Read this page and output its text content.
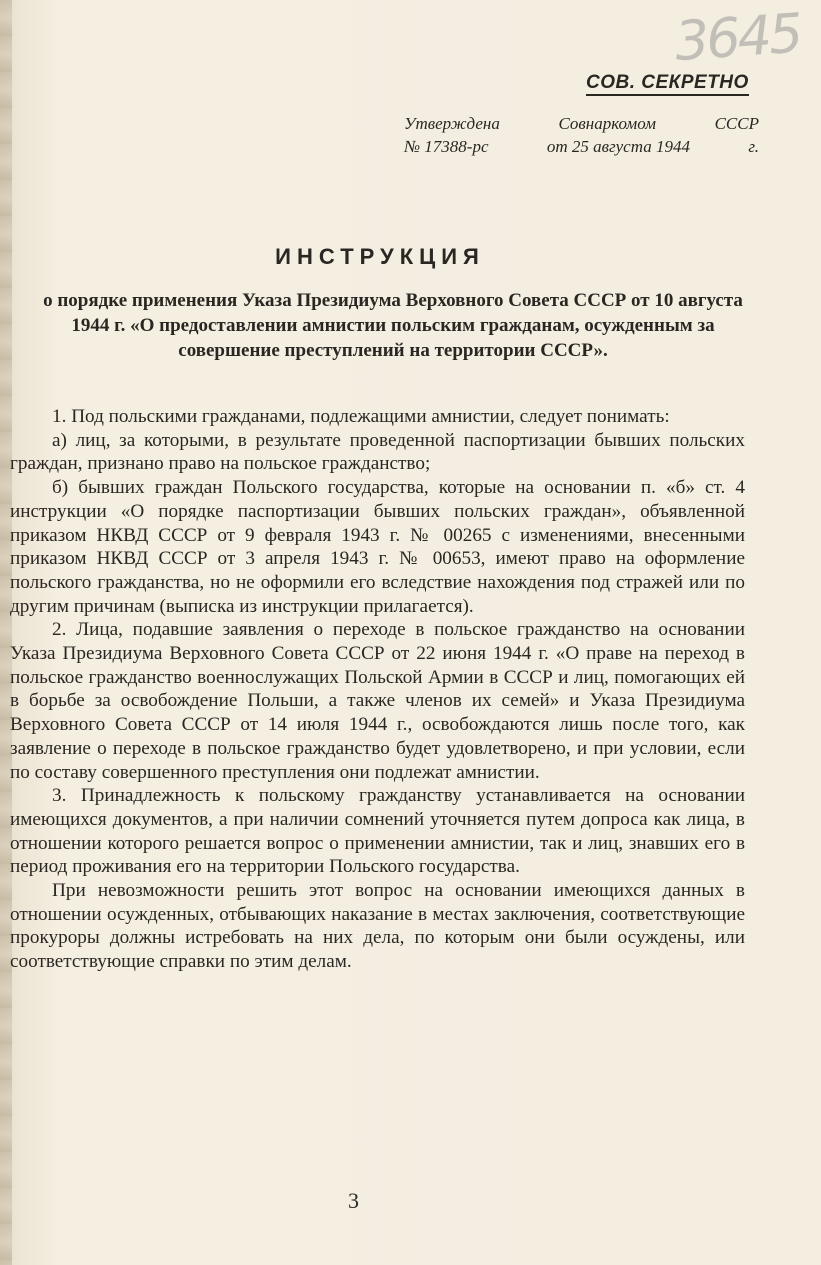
3645
СОВ. СЕКРЕТНО
Утверждена	Совнаркомом	СССР
№ 17388-рс	от 25 августа 1944	г.
ИНСТРУКЦИЯ
о порядке применения Указа Президиума Верховного Совета СССР от 10 августа 1944 г. «О предоставлении амнистии польским гражданам, осужденным за совершение преступлений на территории СССР».

1. Под польскими гражданами, подлежащими амнистии, следует понимать:

а) лиц, за которыми, в результате проведенной паспортизации бывших польских граждан, признано право на польское гражданство;

б) бывших граждан Польского государства, которые на основании п. «б» ст. 4 инструкции «О порядке паспортизации бывших польских граждан», объявленной приказом НКВД СССР от 9 февраля 1943 г. № 00265 с изменениями, внесенными приказом НКВД СССР от 3 апреля 1943 г. № 00653, имеют право на оформление польского гражданства, но не оформили его вследствие нахождения под стражей или по другим причинам (выписка из инструкции прилагается).

2. Лица, подавшие заявления о переходе в польское гражданство на основании Указа Президиума Верховного Совета СССР от 22 июня 1944 г. «О праве на переход в польское гражданство военнослужащих Польской Армии в СССР и лиц, помогающих ей в борьбе за освобождение Польши, а также членов их семей» и Указа Президиума Верховного Совета СССР от 14 июля 1944 г., освобождаются лишь после того, как заявление о переходе в польское гражданство будет удовлетворено, и при условии, если по составу совершенного преступления они подлежат амнистии.

3. Принадлежность к польскому гражданству устанавливается на основании имеющихся документов, а при наличии сомнений уточняется путем допроса как лица, в отношении которого решается вопрос о применении амнистии, так и лиц, знавших его в период проживания его на территории Польского государства.

При невозможности решить этот вопрос на основании имеющихся данных в отношении осужденных, отбывающих наказание в местах заключения, соответствующие прокуроры должны истребовать на них дела, по которым они были осуждены, или соответствующие справки по этим делам.

3
